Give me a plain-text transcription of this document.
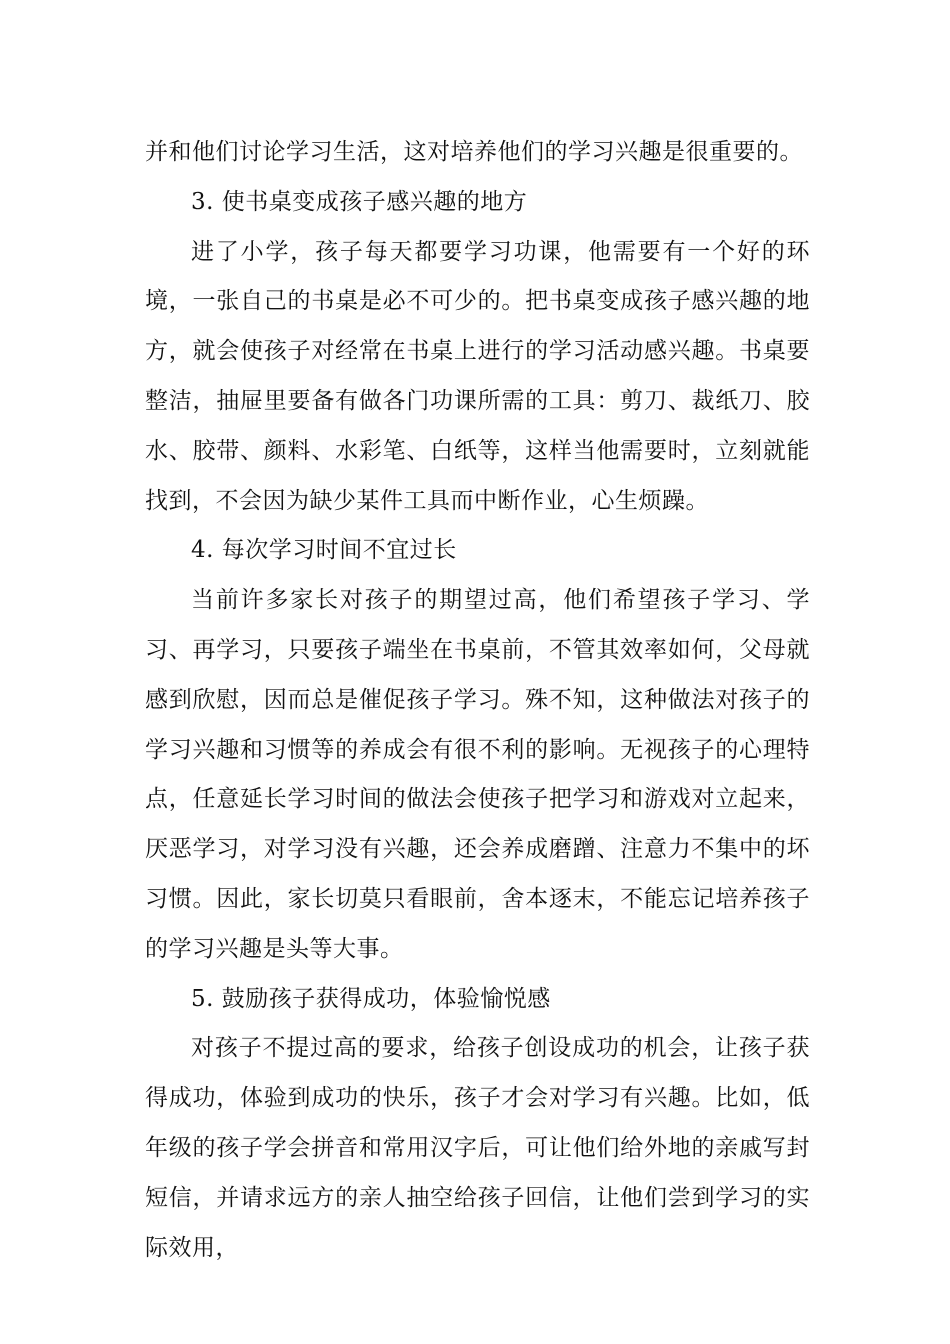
并和他们讨论学习生活，这对培养他们的学习兴趣是很重要的。

3. 使书桌变成孩子感兴趣的地方

进了小学，孩子每天都要学习功课，他需要有一个好的环境，一张自己的书桌是必不可少的。把书桌变成孩子感兴趣的地方，就会使孩子对经常在书桌上进行的学习活动感兴趣。书桌要整洁，抽屉里要备有做各门功课所需的工具：剪刀、裁纸刀、胶水、胶带、颜料、水彩笔、白纸等，这样当他需要时，立刻就能找到，不会因为缺少某件工具而中断作业，心生烦躁。

4. 每次学习时间不宜过长

当前许多家长对孩子的期望过高，他们希望孩子学习、学习、再学习，只要孩子端坐在书桌前，不管其效率如何，父母就感到欣慰，因而总是催促孩子学习。殊不知，这种做法对孩子的学习兴趣和习惯等的养成会有很不利的影响。无视孩子的心理特点，任意延长学习时间的做法会使孩子把学习和游戏对立起来，厌恶学习，对学习没有兴趣，还会养成磨蹭、注意力不集中的坏习惯。因此，家长切莫只看眼前，舍本逐末，不能忘记培养孩子的学习兴趣是头等大事。

5. 鼓励孩子获得成功，体验愉悦感

对孩子不提过高的要求，给孩子创设成功的机会，让孩子获得成功，体验到成功的快乐，孩子才会对学习有兴趣。比如，低年级的孩子学会拼音和常用汉字后，可让他们给外地的亲戚写封短信，并请求远方的亲人抽空给孩子回信，让他们尝到学习的实际效用，
